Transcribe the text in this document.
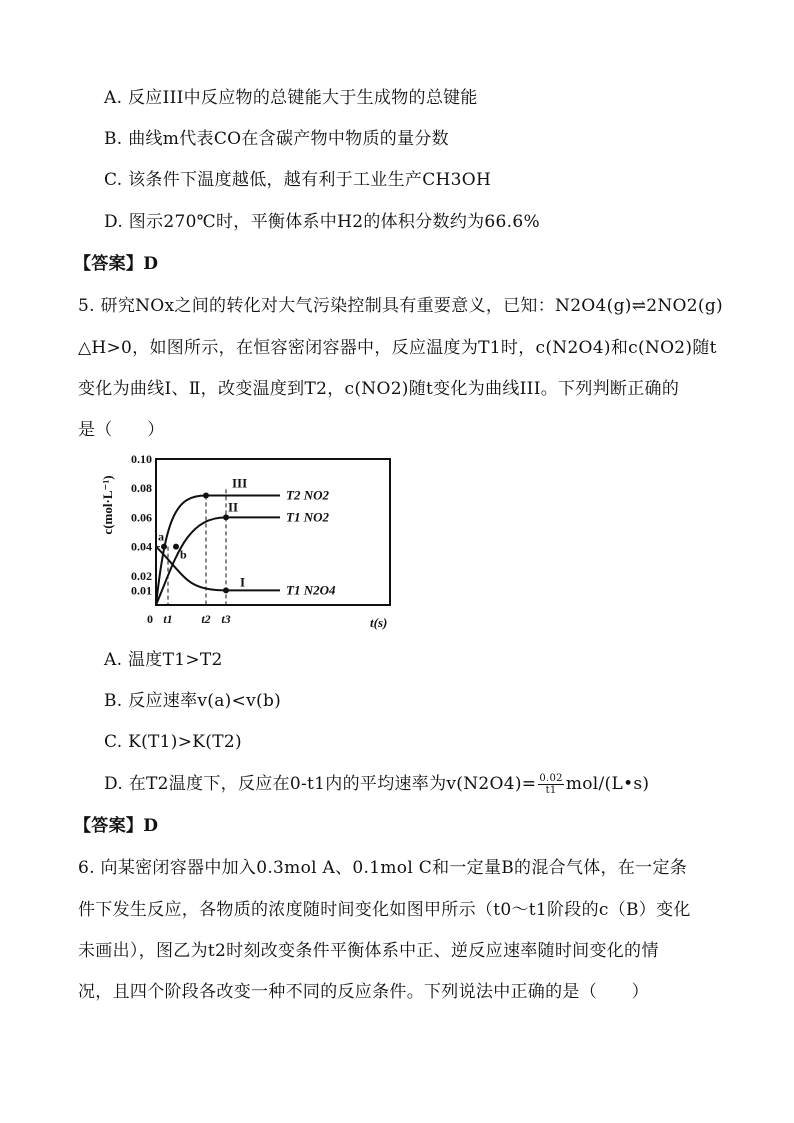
A. 反应III中反应物的总键能大于生成物的总键能
B. 曲线m代表CO在含碳产物中物质的量分数
C. 该条件下温度越低，越有利于工业生产CH3OH
D. 图示270℃时，平衡体系中H2的体积分数约为66.6%
【答案】D
5. 研究NOx之间的转化对大气污染控制具有重要意义，已知：N2O4(g)⇌2NO2(g)
△H>0，如图所示，在恒容密闭容器中，反应温度为T1时，c(N2O4)和c(NO2)随t
变化为曲线Ⅰ、Ⅱ，改变温度到T2，c(NO2)随t变化为曲线III。下列判断正确的
是（　　）
c(mol·L⁻¹)
t(s)
0.10
0.08
0.06
0.04
0.02
0.01
0 t1 t2 t3
III
II
I
T2 NO2
T1 NO2
T1 N2O4
a
b
A. 温度T1>T2
B. 反应速率v(a)<v(b)
C. K(T1)>K(T2)
D. 在T2温度下，反应在0-t1内的平均速率为$v(N2O4)= \frac{0.02}{t1}$ mol/(L•s)
【答案】D
6. 向某密闭容器中加入0.3mol A、0.1mol C和一定量B的混合气体，在一定条
件下发生反应，各物质的浓度随时间变化如图甲所示（t0～t1阶段的c（B）变化
未画出），图乙为t2时刻改变条件平衡体系中正、逆反应速率随时间变化的情
况，且四个阶段各改变一种不同的反应条件。下列说法中正确的是（　　）
